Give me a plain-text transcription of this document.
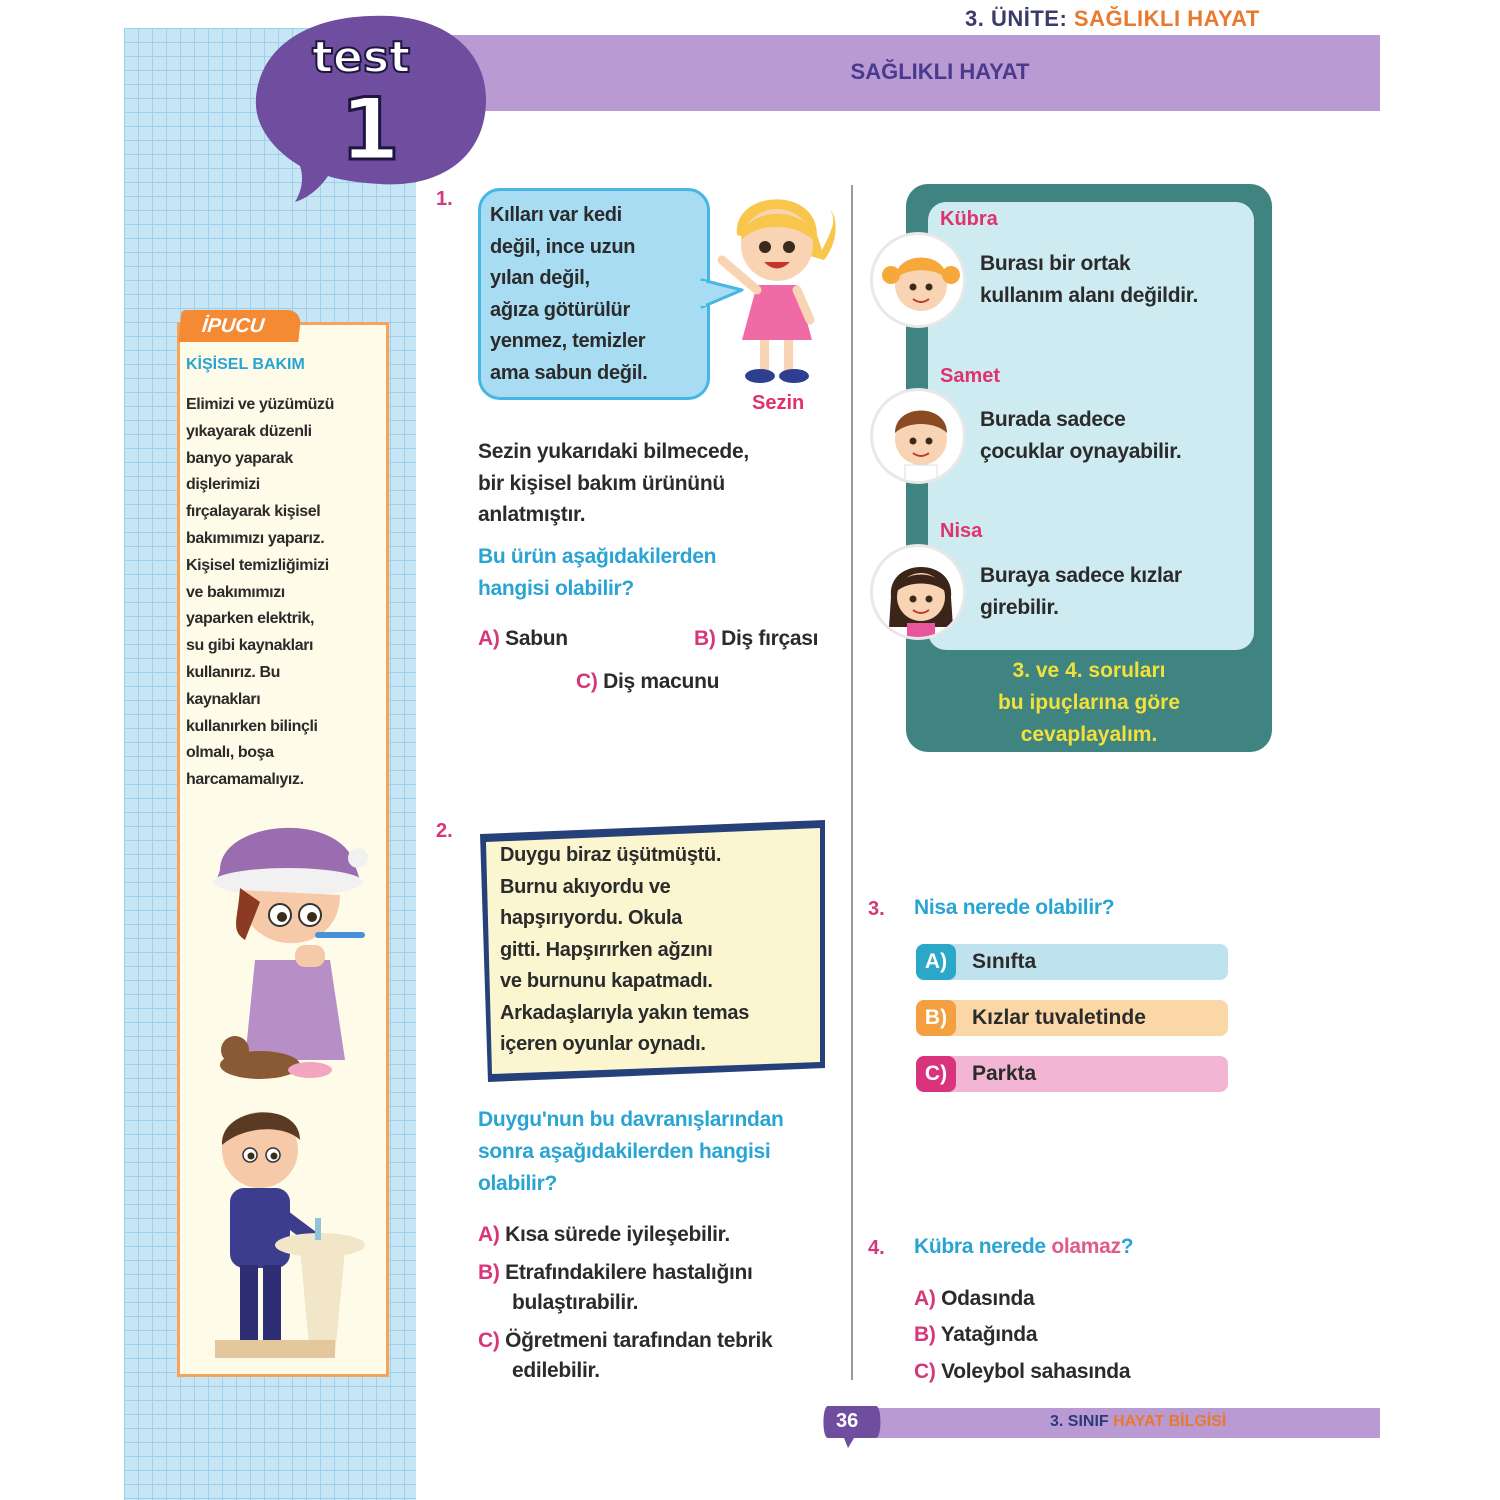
3. ÜNİTE: SAĞLIKLI HAYAT
SAĞLIKLI HAYAT
test
1
İPUCU
KİŞİSEL BAKIM
Elimizi ve yüzümüzü
yıkayarak düzenli
banyo yaparak
dişlerimizi
fırçalayarak kişisel
bakımımızı yaparız.
Kişisel temizliğimizi
ve bakımımızı
yaparken elektrik,
su gibi kaynakları
kullanırız. Bu
kaynakları
kullanırken bilinçli
olmalı, boşa
harcamamalıyız.
1.
Kılları var kedi
değil, ince uzun
yılan değil,
ağıza götürülür
yenmez, temizler
ama sabun değil.
Sezin
Sezin yukarıdaki bilmecede,
bir kişisel bakım ürününü
anlatmıştır.
Bu ürün aşağıdakilerden
hangisi olabilir?
A) Sabun	B) Diş fırçası
C) Diş macunu
2.
Duygu biraz üşütmüştü.
Burnu akıyordu ve
hapşırıyordu. Okula
gitti. Hapşırırken ağzını
ve burnunu kapatmadı.
Arkadaşlarıyla yakın temas
içeren oyunlar oynadı.
Duygu'nun bu davranışlarından
sonra aşağıdakilerden hangisi
olabilir?
A) Kısa sürede iyileşebilir.
B) Etrafındakilere hastalığını
bulaştırabilir.
C) Öğretmeni tarafından tebrik
edilebilir.
Kübra
Burası bir ortak
kullanım alanı değildir.
Samet
Burada sadece
çocuklar oynayabilir.
Nisa
Buraya sadece kızlar
girebilir.
3. ve 4. soruları
bu ipuçlarına göre
cevaplayalım.
3. Nisa nerede olabilir?
A)	Sınıfta
B)	Kızlar tuvaletinde
C)	Parkta
4. Kübra nerede olamaz?
A) Odasında
B) Yatağında
C) Voleybol sahasında
36	3. SINIF HAYAT BİLGİSİ
